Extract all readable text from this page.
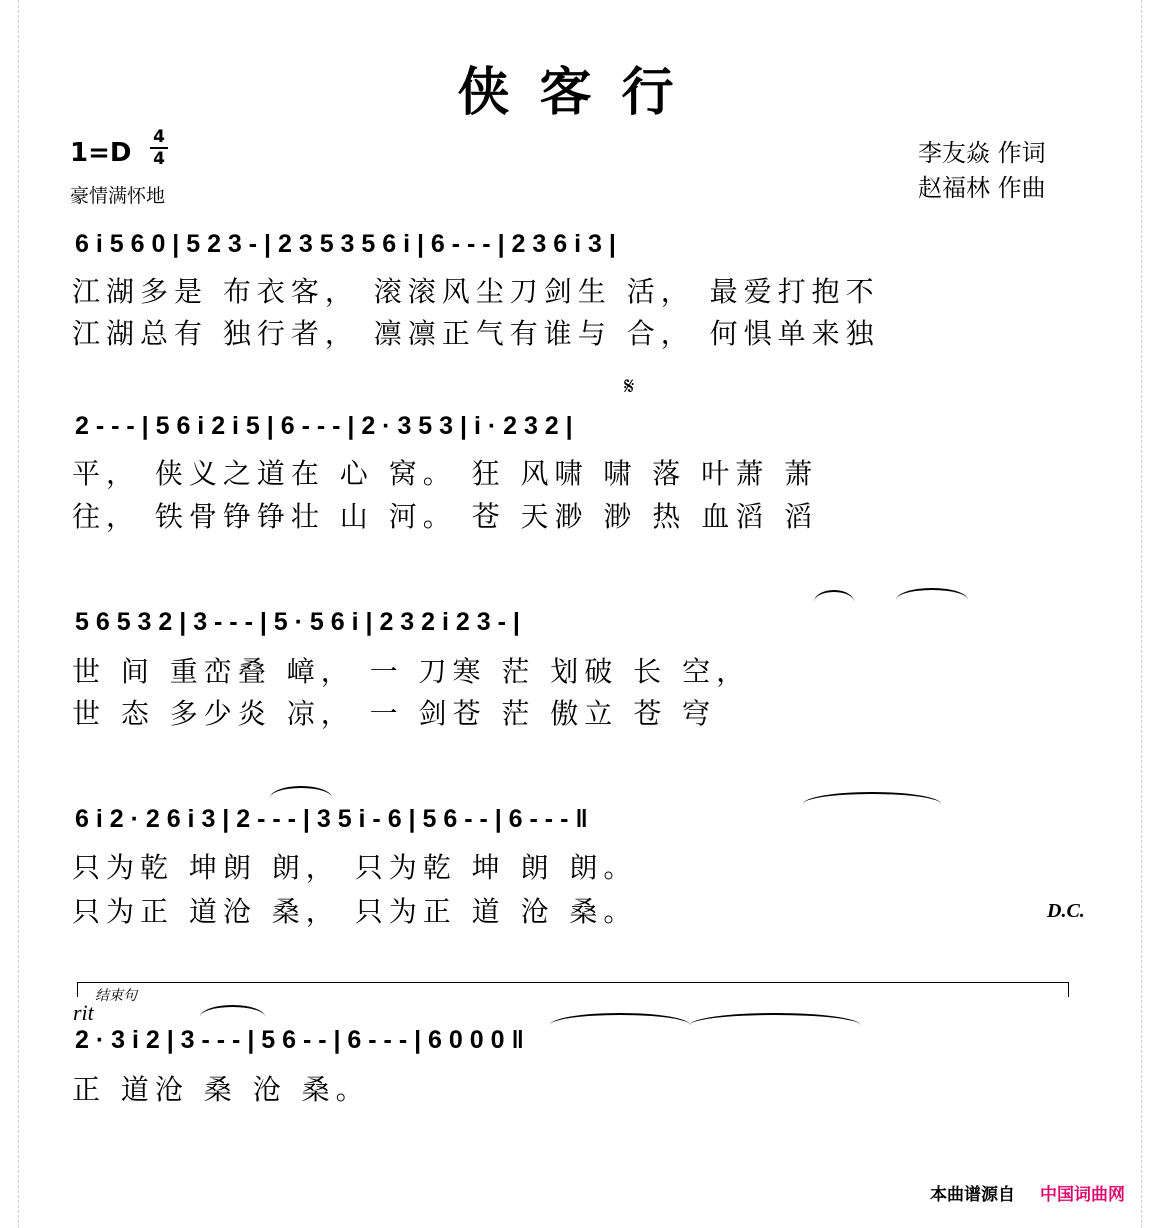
侠客行
1=D
4
4
豪情满怀地
李友焱 作词
赵福林 作曲
6 i 5 6 0 | 5 2 3 - | 2 3 5 3 5 6 i | 6 - - - | 2 3 6 i 3 |
江湖多是 布衣客， 滚滚风尘刀剑生 活， 最爱打抱不
江湖总有 独行者， 凛凛正气有谁与 合， 何惧单来独
𝄋
2 - - - | 5 6 i 2 i 5 | 6 - - - | 2 · 3 5 3 | i · 2 3 2 |
平， 侠义之道在 心 窝。 狂 风啸 啸 落 叶萧 萧
往， 铁骨铮铮壮 山 河。 苍 天渺 渺 热 血滔 滔
5 6 5 3 2 | 3 - - - | 5 · 5 6 i | 2 3 2 i 2 3 - |
世 间 重峦叠 嶂， 一 刀寒 茫 划破 长 空，
世 态 多少炎 凉， 一 剑苍 茫 傲立 苍 穹
6 i 2 · 2 6 i 3 | 2 - - - | 3 5 i - 6 | 5 6 - - | 6 - - - ‖
只为乾 坤朗 朗， 只为乾 坤 朗 朗。
只为正 道沧 桑， 只为正 道 沧 桑。	D.C.
结束句
rit
2 · 3 i 2 | 3 - - - | 5 6 - - | 6 - - - | 6 0 0 0 ‖
正 道沧 桑 沧 桑。
本曲谱源自 中国词曲网
